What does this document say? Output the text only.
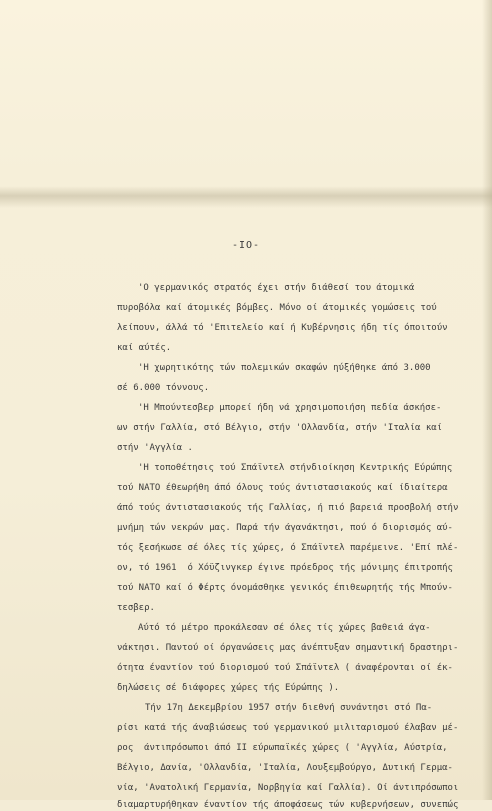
-IO-
'Ο γερμανικός στρατός έχει στήν διάθεσί του άτομικά
πυροβόλα καί άτομικές βόμβες. Μόνο οί άτομικές γομώσεις τού
λείπουν, άλλά τό 'Επιτελείο καί ή Κυβέρνησις ήδη τίς όποιτούν
καί αύτές.
'Η χωρητικότης τών πολεμικών σκαφών ηύξήθηκε άπό 3.000
σέ 6.000 τόννους.
'Η Μπούντεσβερ μπορεί ήδη νά χρησιμοποιήση πεδία άσκήσε-
ων στήν Γαλλία, στό Βέλγιο, στήν 'Ολλανδία, στήν 'Ιταλία καί
στήν 'Αγγλία .
'Η τοποθέτησις τού Σπάϊντελ στήνδιοίκηση Κεντρικής Εύρώπης
τού ΝΑΤΟ έθεωρήθη άπό όλους τούς άντιστασιακούς καί ίδιαίτερα
άπό τούς άντιστασιακούς τής Γαλλίας, ή πιό βαρειά προσβολή στήν
μνήμη τών νεκρών μας. Παρά τήν άγανάκτησι, πού ό διορισμός αύ-
τός ξεσήκωσε σέ όλες τίς χώρες, ό Σπάϊντελ παρέμεινε. 'Επί πλέ-
ον, τό 1961  ό Χόϋζινγκερ έγινε πρόεδρος τής μόνιμης έπιτροπής
τού ΝΑΤΟ καί ό Φέρτς όνομάσθηκε γενικός έπιθεωρητής τής Μπούν-
τεσβερ.
Αύτό τό μέτρο προκάλεσαν σέ όλες τίς χώρες βαθειά άγα-
νάκτησι. Παντού οί όργανώσεις μας άνέπτυξαν σημαντική δραστηρι-
ότητα έναντίον τού διορισμού τού Σπάϊντελ ( άναφέρονται οί έκ-
δηλώσεις σέ διάφορες χώρες τής Εύρώπης ).
Τήν 17η Δεκεμβρίου 1957 στήν διεθνή συνάντησι στό Πα-
ρίσι κατά τής άναβιώσεως τού γερμανικού μιλιταρισμού έλαβαν μέ-
ρος  άντιπρόσωποι άπό ΙΙ εύρωπαϊκές χώρες ( 'Αγγλία, Αύστρία,
Βέλγιο, Δανία, 'Ολλανδία, 'Ιταλία, Λουξεμβούργο, Δυτική Γερμα-
νία, 'Ανατολική Γερμανία, Νορβηγία καί Γαλλία). Οί άντιπρόσωποι
διαμαρτυρήθηκαν έναντίον τής άποφάσεως τών κυβερνήσεων, συνεπώς
